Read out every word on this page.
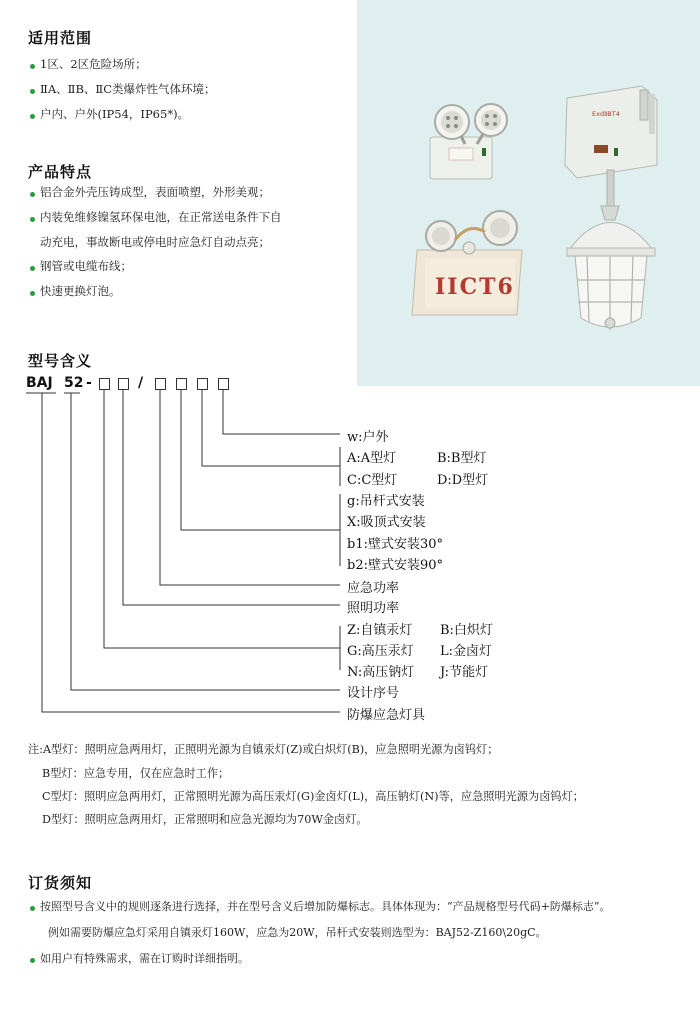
适用范围
1区、2区危险场所；
ⅡA、ⅡB、ⅡC类爆炸性气体环境；
户内、户外(IP54，IP65*)。
产品特点
铝合金外壳压铸成型，表面喷塑，外形美观；
内装免维修镍氢环保电池，在正常送电条件下自
动充电，事故断电或停电时应急灯自动点亮；
钢管或电缆布线；
快速更换灯泡。	IICT6
ExdⅡBT4
型号含义
BAJ 52 -	/
w:户外
A:A型灯	B:B型灯
C:C型灯	D:D型灯
g:吊杆式安装
X:吸顶式安装
b1:壁式安装30°
b2:壁式安装90°
应急功率
照明功率
Z:自镇汞灯 B:白炽灯
G:高压汞灯 L:金卤灯
N:高压钠灯 J:节能灯
设计序号
防爆应急灯具
注:A型灯：照明应急两用灯，正照明光源为自镇汞灯(Z)或白炽灯(B)，应急照明光源为卤钨灯；
B型灯：应急专用，仅在应急时工作；
C型灯：照明应急两用灯，正常照明光源为高压汞灯(G)金卤灯(L)，高压钠灯(N)等，应急照明光源为卤钨灯；
D型灯：照明应急两用灯，正常照明和应急光源均为70W金卤灯。
订货须知
按照型号含义中的规则逐条进行选择，并在型号含义后增加防爆标志。具体体现为：“产品规格型号代码+防爆标志”。
例如需要防爆应急灯采用自镇汞灯160W，应急为20W，吊杆式安装则选型为：BAJ52-Z160\20gC。
如用户有特殊需求，需在订购时详细指明。
